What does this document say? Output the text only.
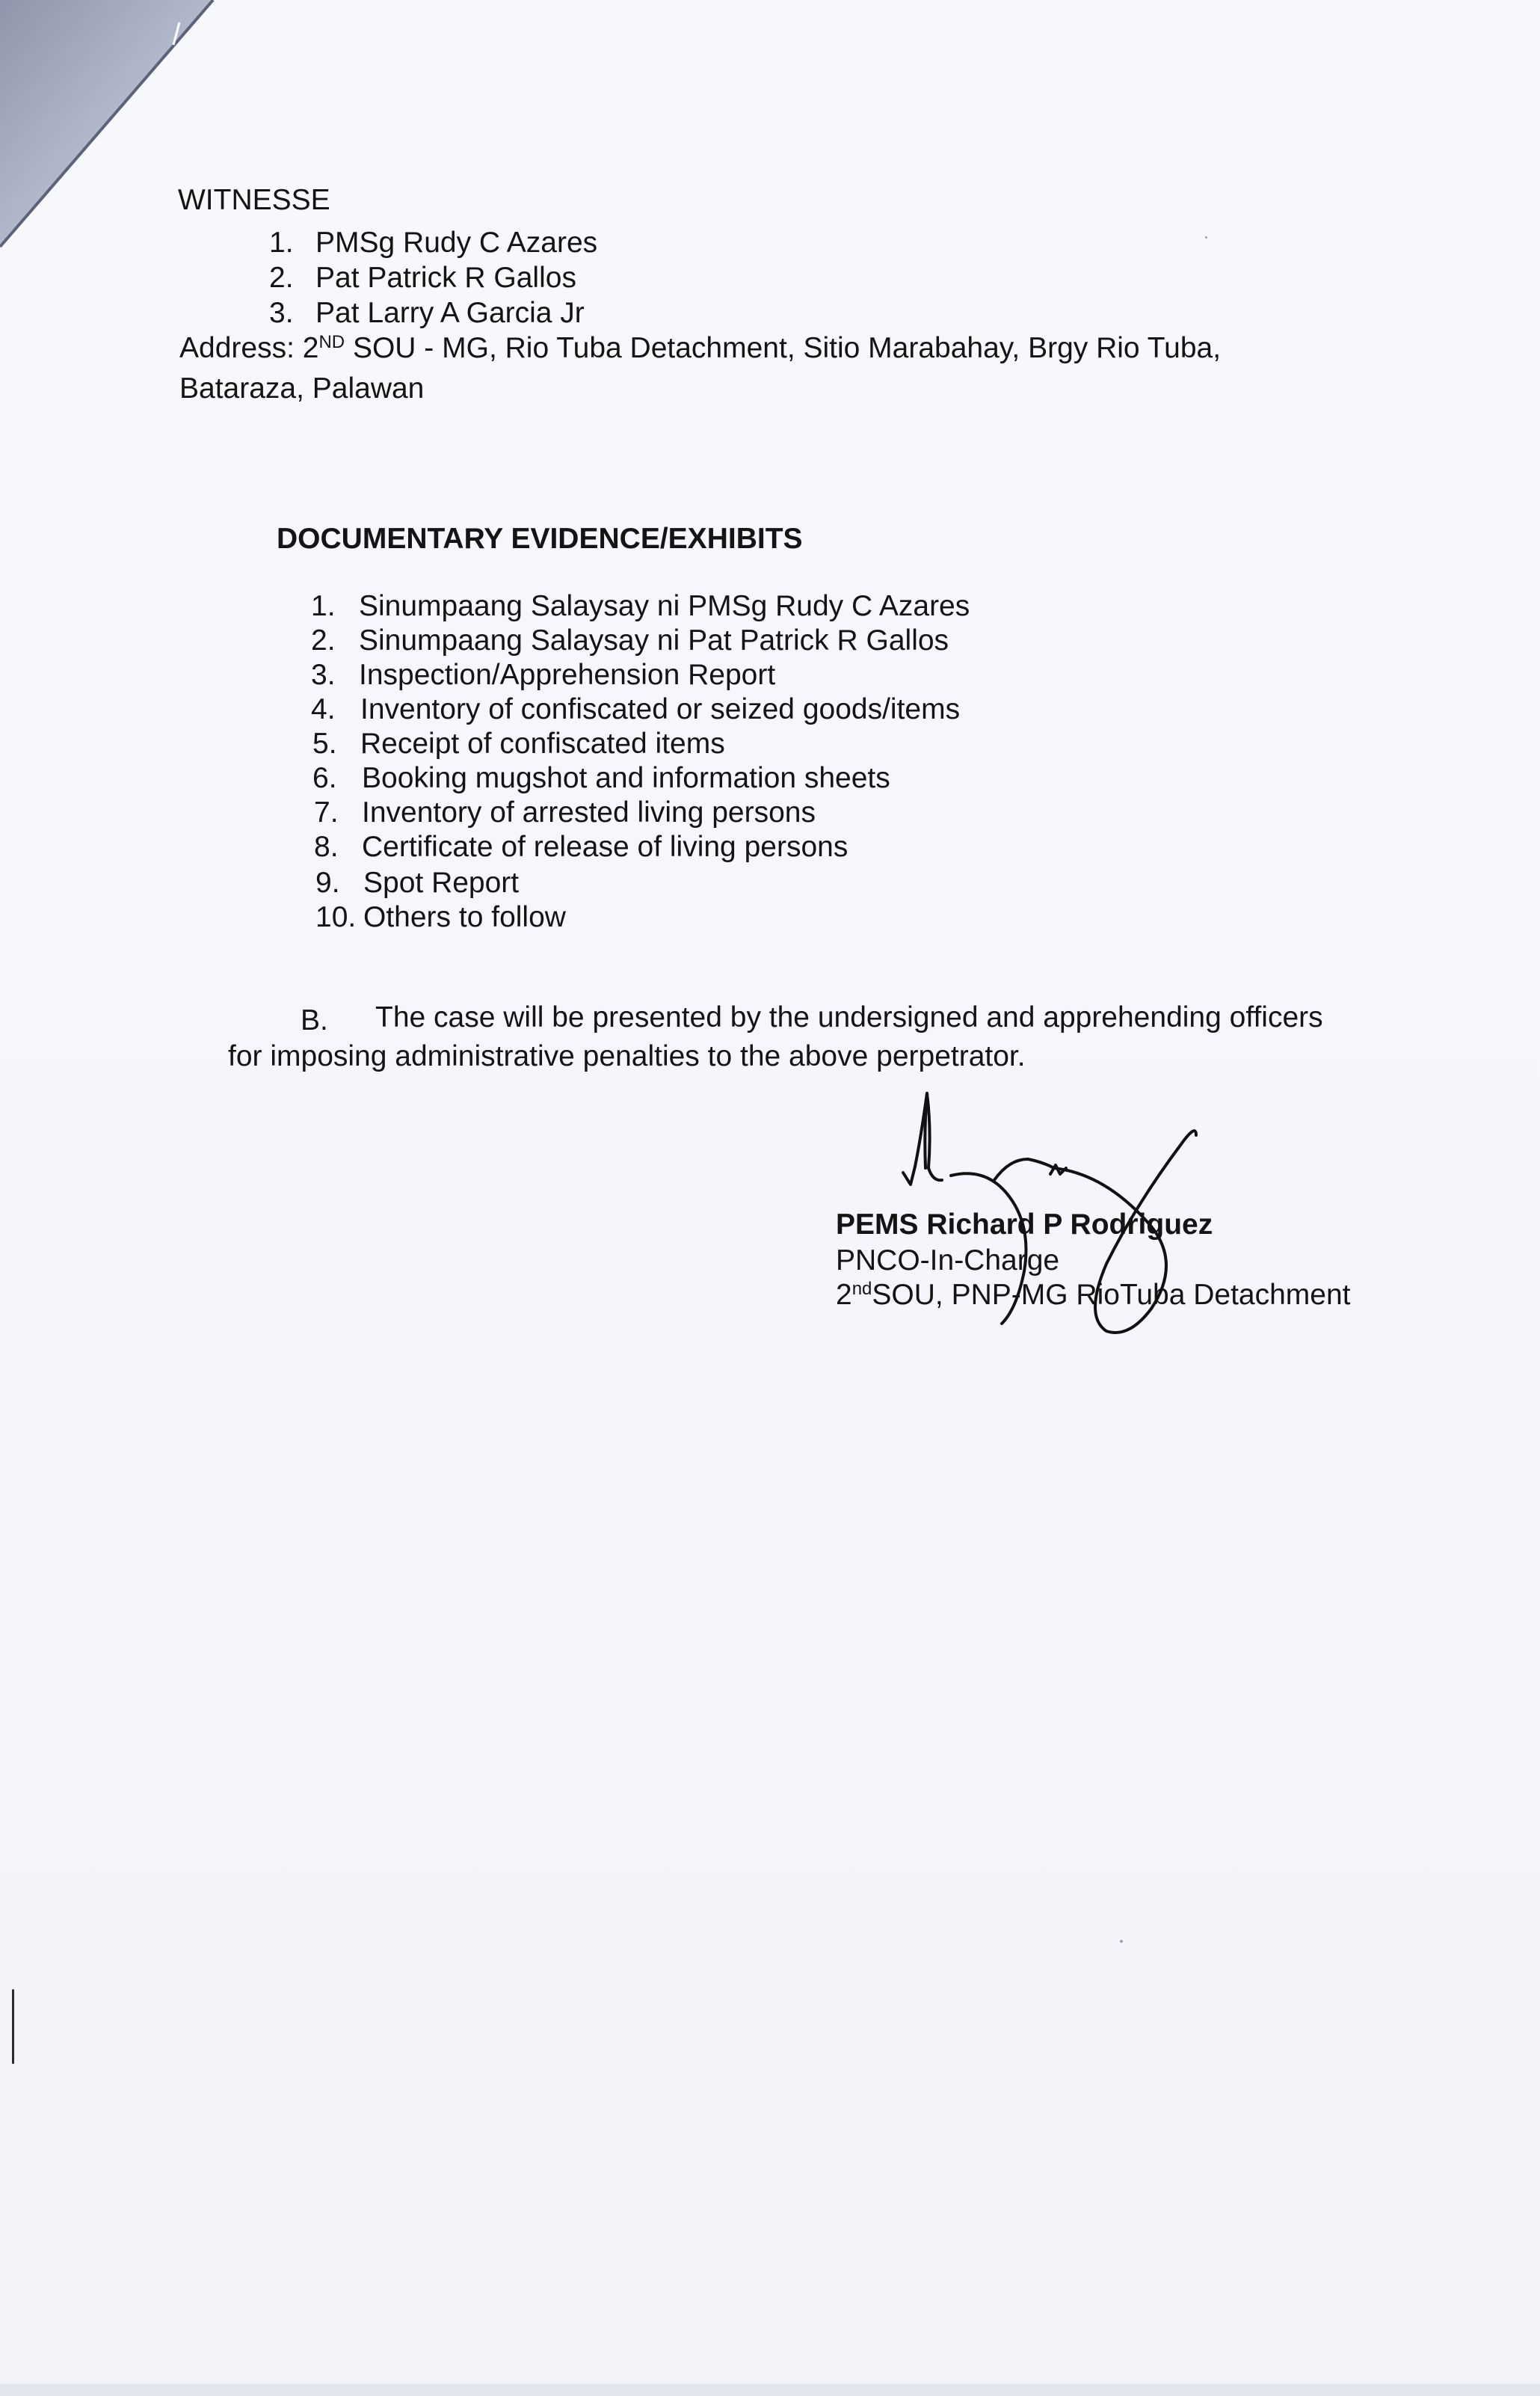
WITNESSE
1. PMSg Rudy C Azares
2. Pat Patrick R Gallos
3. Pat Larry A Garcia Jr
Address: 2ND SOU - MG, Rio Tuba Detachment, Sitio Marabahay, Brgy Rio Tuba,
Bataraza, Palawan
DOCUMENTARY EVIDENCE/EXHIBITS
1. Sinumpaang Salaysay ni PMSg Rudy C Azares
2. Sinumpaang Salaysay ni Pat Patrick R Gallos
3. Inspection/Apprehension Report
4. Inventory of confiscated or seized goods/items
5. Receipt of confiscated items
6. Booking mugshot and information sheets
7. Inventory of arrested living persons
8. Certificate of release of living persons
9. Spot Report
10. Others to follow
B. The case will be presented by the undersigned and apprehending officers
for imposing administrative penalties to the above perpetrator.
PEMS Richard P Rodriguez
PNCO-In-Charge
2ndSOU, PNP-MG RioTuba Detachment
